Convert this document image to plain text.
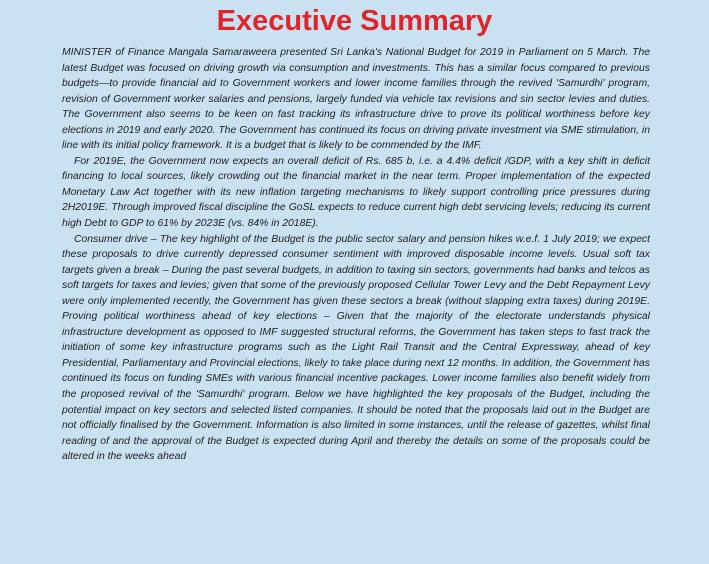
Executive Summary

MINISTER of Finance Mangala Samaraweera presented Sri Lanka's National Budget for 2019 in Parliament on 5 March. The latest Budget was focused on driving growth via consumption and investments. This has a similar focus compared to previous budgets—to provide financial aid to Government workers and lower income families through the revived 'Samurdhi' program, revision of Government worker salaries and pensions, largely funded via vehicle tax revisions and sin sector levies and duties. The Government also seems to be keen on fast tracking its infrastructure drive to prove its political worthiness before key elections in 2019 and early 2020. The Government has continued its focus on driving private investment via SME stimulation, in line with its initial policy framework. It is a budget that is likely to be commended by the IMF.

For 2019E, the Government now expects an overall deficit of Rs. 685 b, i.e. a 4.4% deficit /GDP, with a key shift in deficit financing to local sources, likely crowding out the financial market in the near term. Proper implementation of the expected Monetary Law Act together with its new inflation targeting mechanisms to likely support controlling price pressures during 2H2019E. Through improved fiscal discipline the GoSL expects to reduce current high debt servicing levels; reducing its current high Debt to GDP to 61% by 2023E (vs. 84% in 2018E).

Consumer drive – The key highlight of the Budget is the public sector salary and pension hikes w.e.f. 1 July 2019; we expect these proposals to drive currently depressed consumer sentiment with improved disposable income levels. Usual soft tax targets given a break – During the past several budgets, in addition to taxing sin sectors, governments had banks and telcos as soft targets for taxes and levies; given that some of the previously proposed Cellular Tower Levy and the Debt Repayment Levy were only implemented recently, the Government has given these sectors a break (without slapping extra taxes) during 2019E. Proving political worthiness ahead of key elections – Given that the majority of the electorate understands physical infrastructure development as opposed to IMF suggested structural reforms, the Government has taken steps to fast track the initiation of some key infrastructure programs such as the Light Rail Transit and the Central Expressway, ahead of key Presidential, Parliamentary and Provincial elections, likely to take place during next 12 months. In addition, the Government has continued its focus on funding SMEs with various financial incentive packages. Lower income families also benefit widely from the proposed revival of the 'Samurdhi' program. Below we have highlighted the key proposals of the Budget, including the potential impact on key sectors and selected listed companies. It should be noted that the proposals laid out in the Budget are not officially finalised by the Government. Information is also limited in some instances, until the release of gazettes, whilst final reading of and the approval of the Budget is expected during April and thereby the details on some of the proposals could be altered in the weeks ahead
